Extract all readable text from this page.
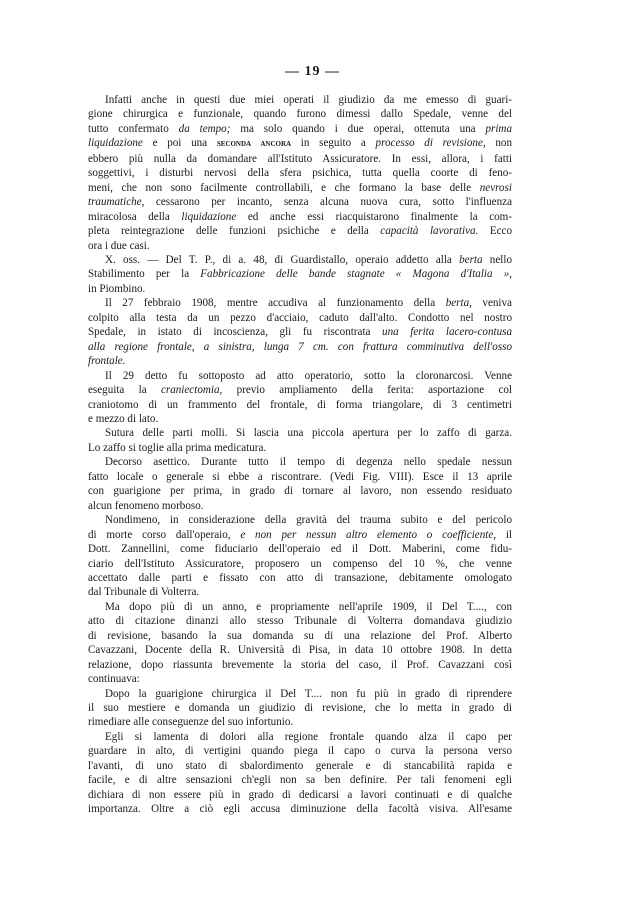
— 19 —
Infatti anche in questi due miei operati il giudizio da me emesso di guari-
gione chirurgica e funzionale, quando furono dimessi dallo Spedale, venne del
tutto confermato da tempo; ma solo quando i due operai, ottenuta una prima
liquidazione e poi una seconda ancora in seguito a processo di revisione, non
ebbero più nulla da domandare all'Istituto Assicuratore. In essi, allora, i fatti
soggettivi, i disturbi nervosi della sfera psichica, tutta quella coorte di feno-
meni, che non sono facilmente controllabili, e che formano la base delle nevrosi
traumatiche, cessarono per incanto, senza alcuna nuova cura, sotto l'influenza
miracolosa della liquidazione ed anche essi riacquistarono finalmente la com-
pleta reintegrazione delle funzioni psichiche e della capacità lavorativa. Ecco
ora i due casi.
X. oss. — Del T. P., di a. 48, di Guardistallo, operaio addetto alla berta nello
Stabilimento per la Fabbricazione delle bande stagnate « Magona d'Italia »,
in Piombino.
Il 27 febbraio 1908, mentre accudiva al funzionamento della berta, veniva
colpito alla testa da un pezzo d'acciaio, caduto dall'alto. Condotto nel nostro
Spedale, in istato di incoscienza, gli fu riscontrata una ferita lacero-contusa
alla regione frontale, a sinistra, lunga 7 cm. con frattura comminutiva dell'osso
frontale.
Il 29 detto fu sottoposto ad atto operatorio, sotto la cloronarcosi. Venne
eseguita la craniectomia, previo ampliamento della ferita: asportazione col
craniotomo di un frammento del frontale, di forma triangolare, di 3 centimetri
e mezzo di lato.
Sutura delle parti molli. Si lascia una piccola apertura per lo zaffo di garza.
Lo zaffo si toglie alla prima medicatura.
Decorso asettico. Durante tutto il tempo di degenza nello spedale nessun
fatto locale o generale si ebbe a riscontrare. (Vedi Fig. VIII). Esce il 13 aprile
con guarigione per prima, in grado di tornare al lavoro, non essendo residuato
alcun fenomeno morboso.
Nondimeno, in considerazione della gravità del trauma subito e del pericolo
di morte corso dall'operaio, e non per nessun altro elemento o coefficiente, il
Dott. Zannellini, come fiduciario dell'operaio ed il Dott. Maberini, come fidu-
ciario dell'Istituto Assicuratore, proposero un compenso del 10 %, che venne
accettato dalle parti e fissato con atto di transazione, debitamente omologato
dal Tribunale di Volterra.
Ma dopo più di un anno, e propriamente nell'aprile 1909, il Del T...., con
atto di citazione dinanzi allo stesso Tribunale di Volterra domandava giudizio
di revisione, basando la sua domanda su di una relazione del Prof. Alberto
Cavazzani, Docente della R. Università di Pisa, in data 10 ottobre 1908. In detta
relazione, dopo riassunta brevemente la storia del caso, il Prof. Cavazzani così
continuava:
Dopo la guarigione chirurgica il Del T.... non fu più in grado di riprendere
il suo mestiere e domanda un giudizio di revisione, che lo metta in grado di
rimediare alle conseguenze del suo infortunio.
Egli si lamenta di dolori alla regione frontale quando alza il capo per
guardare in alto, di vertigini quando piega il capo o curva la persona verso
l'avanti, di uno stato di sbalordimento generale e di stancabilità rapida e
facile, e di altre sensazioni ch'egli non sa ben definire. Per tali fenomeni egli
dichiara di non essere più in grado di dedicarsi a lavori continuati e di qualche
importanza. Oltre a ciò egli accusa diminuzione della facoltà visiva. All'esame
